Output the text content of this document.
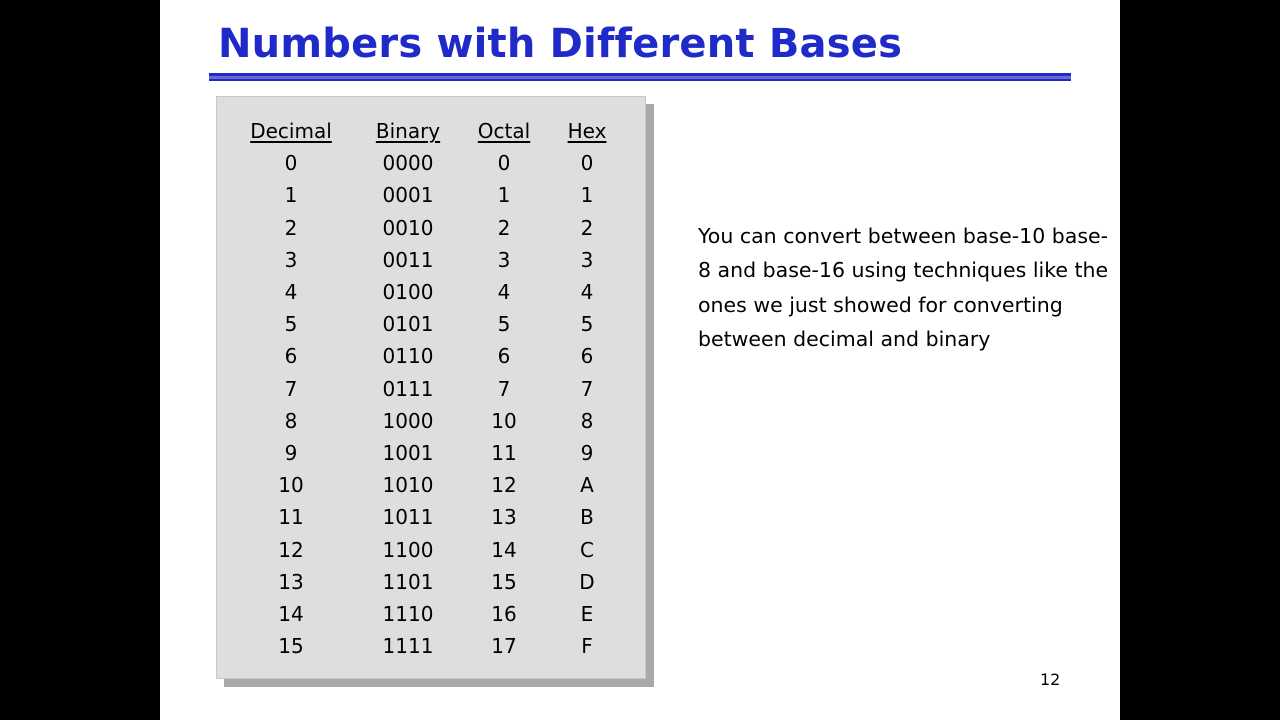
Numbers with Different Bases
Decimal	Binary	Octal	Hex
0	0000	0	0
1	0001	1	1
2	0010	2	2
3	0011	3	3
4	0100	4	4
5	0101	5	5
6	0110	6	6
7	0111	7	7
8	1000	10	8
9	1001	11	9
10	1010	12	A
11	1011	13	B
12	1100	14	C
13	1101	15	D
14	1110	16	E
15	1111	17	F

You can convert between base-10 base-8 and base-16 using techniques like the ones we just showed for converting between decimal and binary

12
